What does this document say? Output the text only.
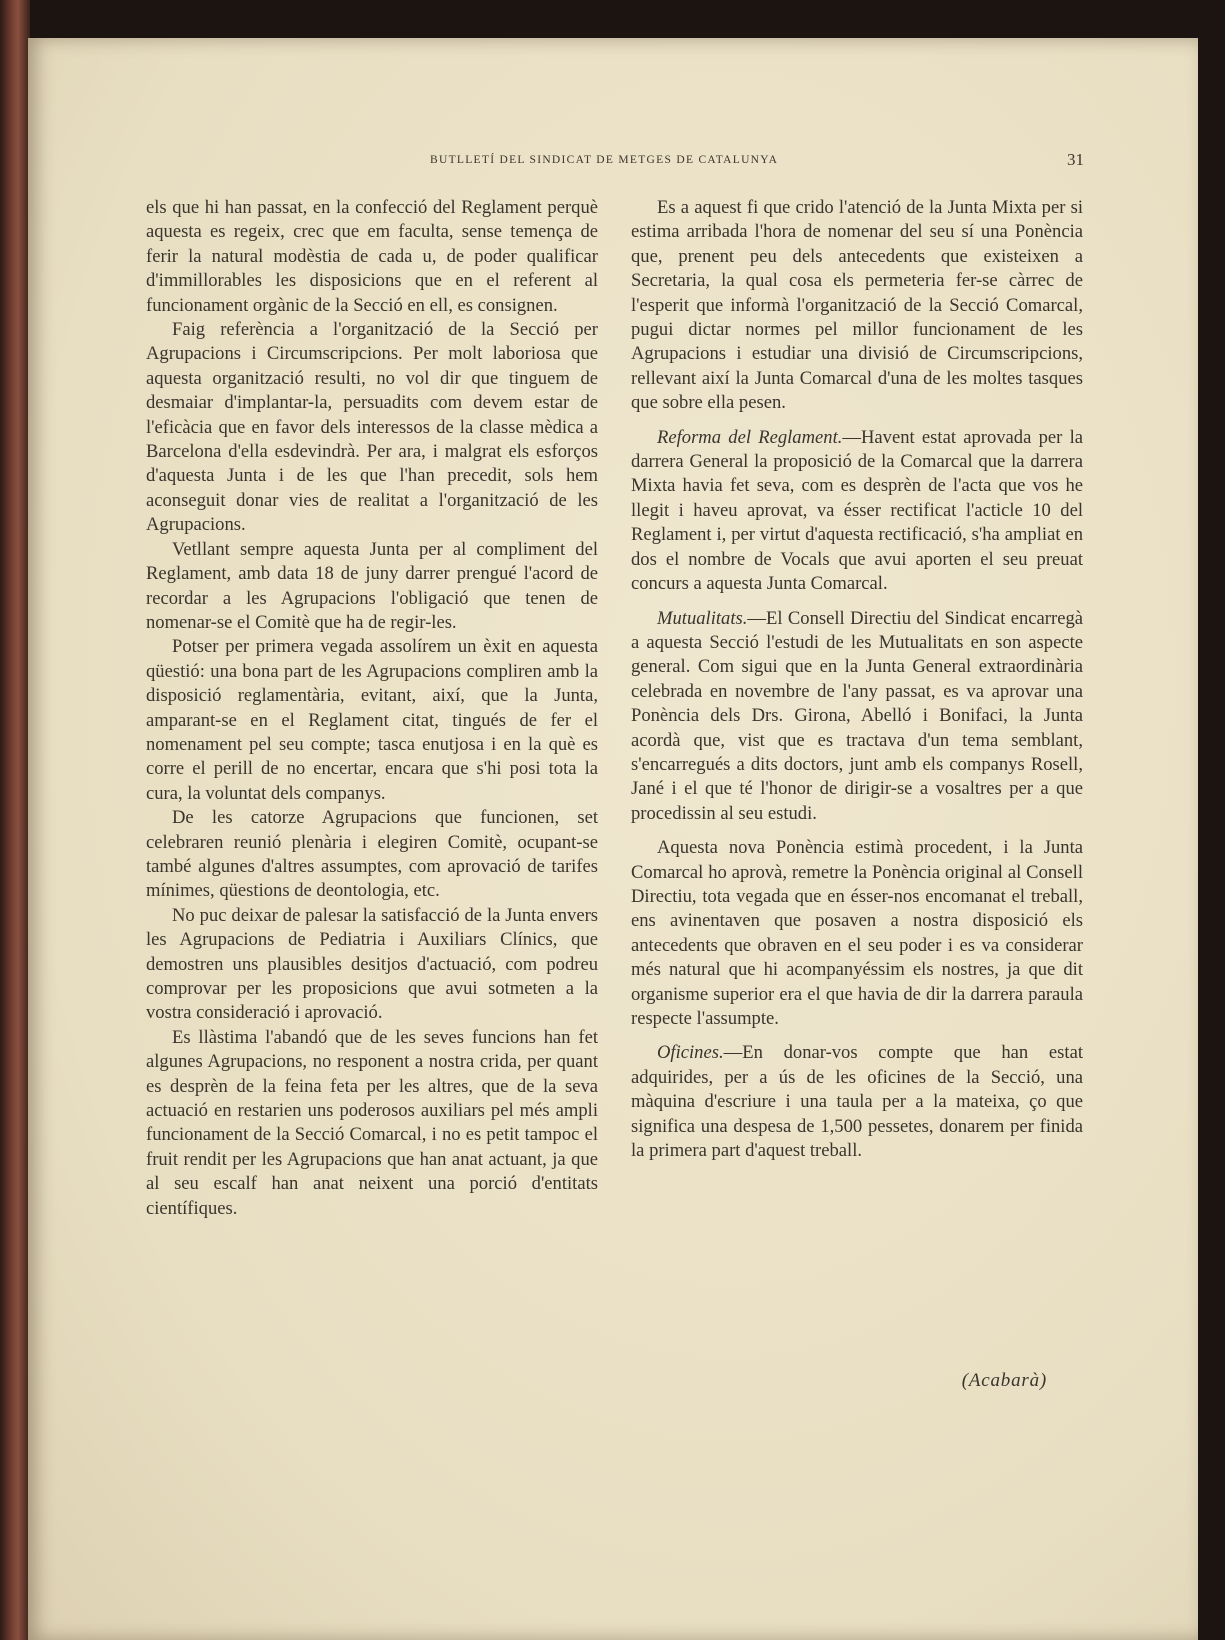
BUTLLETÍ DEL SINDICAT DE METGES DE CATALUNYA	31

els que hi han passat, en la confecció del Reglament perquè aquesta es regeix, crec que em faculta, sense temença de ferir la natural modèstia de cada u, de poder qualificar d'immillorables les disposicions que en el referent al funcionament orgànic de la Secció en ell, es consignen.

Faig referència a l'organització de la Secció per Agrupacions i Circumscripcions. Per molt laboriosa que aquesta organització resulti, no vol dir que tinguem de desmaiar d'implantar-la, persuadits com devem estar de l'eficàcia que en favor dels interessos de la classe mèdica a Barcelona d'ella esdevindrà. Per ara, i malgrat els esforços d'aquesta Junta i de les que l'han precedit, sols hem aconseguit donar vies de realitat a l'organització de les Agrupacions.

Vetllant sempre aquesta Junta per al compliment del Reglament, amb data 18 de juny darrer prengué l'acord de recordar a les Agrupacions l'obligació que tenen de nomenar-se el Comitè que ha de regir-les.

Potser per primera vegada assolírem un èxit en aquesta qüestió: una bona part de les Agrupacions compliren amb la disposició reglamentària, evitant, així, que la Junta, amparant-se en el Reglament citat, tingués de fer el nomenament pel seu compte; tasca enutjosa i en la què es corre el perill de no encertar, encara que s'hi posi tota la cura, la voluntat dels companys.

De les catorze Agrupacions que funcionen, set celebraren reunió plenària i elegiren Comitè, ocupant-se també algunes d'altres assumptes, com aprovació de tarifes mínimes, qüestions de deontologia, etc.

No puc deixar de palesar la satisfacció de la Junta envers les Agrupacions de Pediatria i Auxiliars Clínics, que demostren uns plausibles desitjos d'actuació, com podreu comprovar per les proposicions que avui sotmeten a la vostra consideració i aprovació.

Es llàstima l'abandó que de les seves funcions han fet algunes Agrupacions, no responent a nostra crida, per quant es desprèn de la feina feta per les altres, que de la seva actuació en restarien uns poderosos auxiliars pel més ampli funcionament de la Secció Comarcal, i no es petit tampoc el fruit rendit per les Agrupacions que han anat actuant, ja que al seu escalf han anat neixent una porció d'entitats científiques.

Es a aquest fi que crido l'atenció de la Junta Mixta per si estima arribada l'hora de nomenar del seu sí una Ponència que, prenent peu dels antecedents que existeixen a Secretaria, la qual cosa els permeteria fer-se càrrec de l'esperit que informà l'organització de la Secció Comarcal, pugui dictar normes pel millor funcionament de les Agrupacions i estudiar una divisió de Circumscripcions, rellevant així la Junta Comarcal d'una de les moltes tasques que sobre ella pesen.

Reforma del Reglament.—Havent estat aprovada per la darrera General la proposició de la Comarcal que la darrera Mixta havia fet seva, com es desprèn de l'acta que vos he llegit i haveu aprovat, va ésser rectificat l'acticle 10 del Reglament i, per virtut d'aquesta rectificació, s'ha ampliat en dos el nombre de Vocals que avui aporten el seu preuat concurs a aquesta Junta Comarcal.

Mutualitats.—El Consell Directiu del Sindicat encarregà a aquesta Secció l'estudi de les Mutualitats en son aspecte general. Com sigui que en la Junta General extraordinària celebrada en novembre de l'any passat, es va aprovar una Ponència dels Drs. Girona, Abelló i Bonifaci, la Junta acordà que, vist que es tractava d'un tema semblant, s'encarregués a dits doctors, junt amb els companys Rosell, Jané i el que té l'honor de dirigir-se a vosaltres per a que procedissin al seu estudi.

Aquesta nova Ponència estimà procedent, i la Junta Comarcal ho aprovà, remetre la Ponència original al Consell Directiu, tota vegada que en ésser-nos encomanat el treball, ens avinentaven que posaven a nostra disposició els antecedents que obraven en el seu poder i es va considerar més natural que hi acompanyéssim els nostres, ja que dit organisme superior era el que havia de dir la darrera paraula respecte l'assumpte.

Oficines.—En donar-vos compte que han estat adquirides, per a ús de les oficines de la Secció, una màquina d'escriure i una taula per a la mateixa, ço que significa una despesa de 1,500 pessetes, donarem per finida la primera part d'aquest treball.

(Acabarà)
